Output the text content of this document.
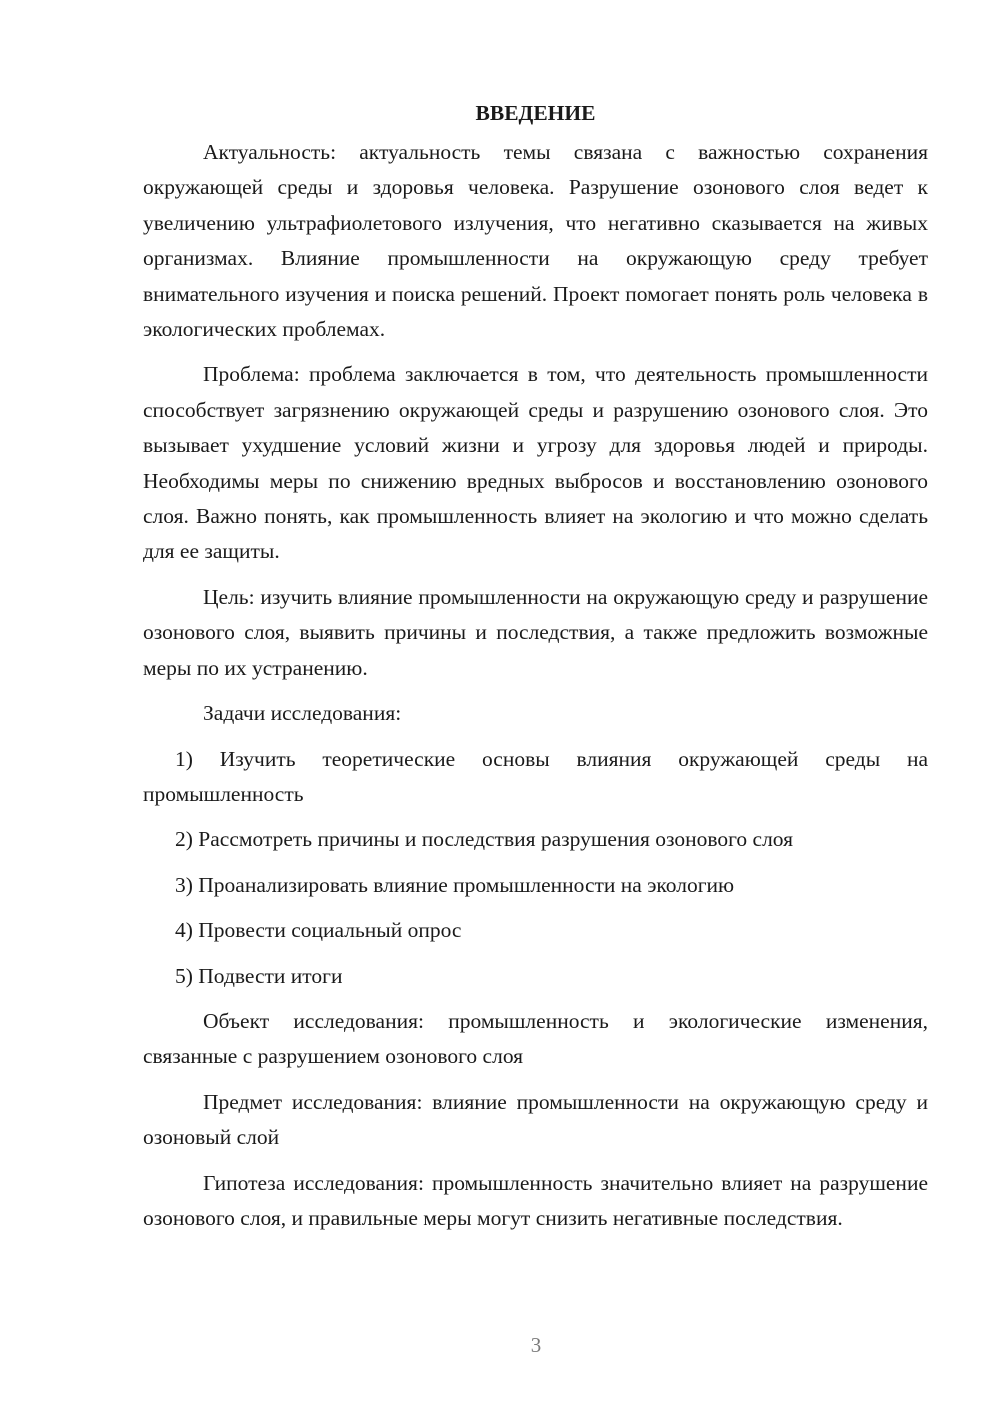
ВВЕДЕНИЕ

Актуальность: актуальность темы связана с важностью сохранения окружающей среды и здоровья человека. Разрушение озонового слоя ведет к увеличению ультрафиолетового излучения, что негативно сказывается на живых организмах. Влияние промышленности на окружающую среду требует внимательного изучения и поиска решений. Проект помогает понять роль человека в экологических проблемах.

Проблема: проблема заключается в том, что деятельность промышленности способствует загрязнению окружающей среды и разрушению озонового слоя. Это вызывает ухудшение условий жизни и угрозу для здоровья людей и природы. Необходимы меры по снижению вредных выбросов и восстановлению озонового слоя. Важно понять, как промышленность влияет на экологию и что можно сделать для ее защиты.

Цель: изучить влияние промышленности на окружающую среду и разрушение озонового слоя, выявить причины и последствия, а также предложить возможные меры по их устранению.

Задачи исследования:

1) Изучить теоретические основы влияния окружающей среды на промышленность

2) Рассмотреть причины и последствия разрушения озонового слоя

3) Проанализировать влияние промышленности на экологию

4) Провести социальный опрос

5) Подвести итоги

Объект исследования: промышленность и экологические изменения, связанные с разрушением озонового слоя

Предмет исследования: влияние промышленности на окружающую среду и озоновый слой

Гипотеза исследования: промышленность значительно влияет на разрушение озонового слоя, и правильные меры могут снизить негативные последствия.

3
